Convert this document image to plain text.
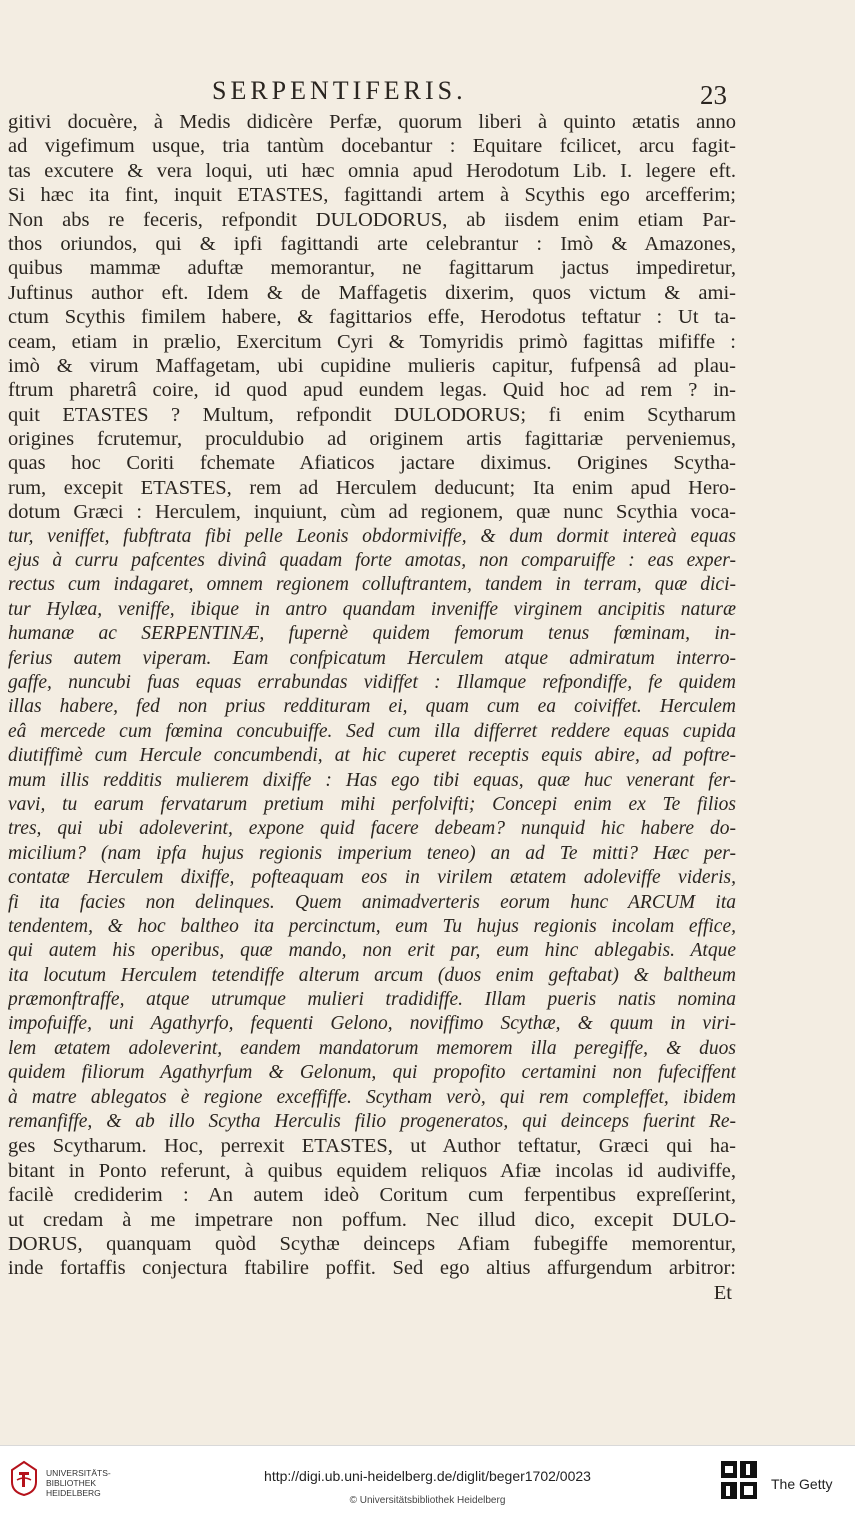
SERPENTIFERIS.	23
gitivi docuère, à Medis didicère Perfæ, quorum liberi à quinto ætatis anno
ad vigefimum usque, tria tantùm docebantur : Equitare fcilicet, arcu fagit-
tas excutere & vera loqui, uti hæc omnia apud Herodotum Lib. I. legere eft.
Si hæc ita fint, inquit ETASTES, fagittandi artem à Scythis ego arcefferim;
Non abs re feceris, refpondit DULODORUS, ab iisdem enim etiam Par-
thos oriundos, qui & ipfi fagittandi arte celebrantur : Imò & Amazones,
quibus mammæ aduftæ memorantur, ne fagittarum jactus impediretur,
Juftinus author eft. Idem & de Maffagetis dixerim, quos victum & ami-
ctum Scythis fimilem habere, & fagittarios effe, Herodotus teftatur : Ut ta-
ceam, etiam in prælio, Exercitum Cyri & Tomyridis primò fagittas mififfe :
imò & virum Maffagetam, ubi cupidine mulieris capitur, fufpensâ ad plau-
ftrum pharetrâ coire, id quod apud eundem legas. Quid hoc ad rem ? in-
quit ETASTES ? Multum, refpondit DULODORUS; fi enim Scytharum
origines fcrutemur, proculdubio ad originem artis fagittariæ perveniemus,
quas hoc Coriti fchemate Afiaticos jactare diximus. Origines Scytha-
rum, excepit ETASTES, rem ad Herculem deducunt; Ita enim apud Hero-
dotum Græci : Herculem, inquiunt, cùm ad regionem, quæ nunc Scythia voca-
tur, veniffet, fubftrata fibi pelle Leonis obdormiviffe, & dum dormit intereà equas
ejus à curru pafcentes divinâ quadam forte amotas, non comparuiffe : eas exper-
rectus cum indagaret, omnem regionem colluftrantem, tandem in terram, quæ dici-
tur Hylæa, veniffe, ibique in antro quandam inveniffe virginem ancipitis naturæ
humanæ ac SERPENTINÆ, fupernè quidem femorum tenus fœminam, in-
ferius autem viperam. Eam confpicatum Herculem atque admiratum interro-
gaffe, nuncubi fuas equas errabundas vidiffet : Illamque refpondiffe, fe quidem
illas habere, fed non prius reddituram ei, quam cum ea coiviffet. Herculem
eâ mercede cum fœmina concubuiffe. Sed cum illa differret reddere equas cupida
diutiffimè cum Hercule concumbendi, at hic cuperet receptis equis abire, ad poftre-
mum illis redditis mulierem dixiffe : Has ego tibi equas, quæ huc venerant fer-
vavi, tu earum fervatarum pretium mihi perfolvifti; Concepi enim ex Te filios
tres, qui ubi adoleverint, expone quid facere debeam? nunquid hic habere do-
micilium? (nam ipfa hujus regionis imperium teneo) an ad Te mitti? Hæc per-
contatæ Herculem dixiffe, pofteaquam eos in virilem ætatem adoleviffe videris,
fi ita facies non delinques. Quem animadverteris eorum hunc ARCUM ita
tendentem, & hoc baltheo ita percinctum, eum Tu hujus regionis incolam effice,
qui autem his operibus, quæ mando, non erit par, eum hinc ablegabis. Atque
ita locutum Herculem tetendiffe alterum arcum (duos enim geftabat) & baltheum
præmonftraffe, atque utrumque mulieri tradidiffe. Illam pueris natis nomina
impofuiffe, uni Agathyrfo, fequenti Gelono, noviffimo Scythæ, & quum in viri-
lem ætatem adoleverint, eandem mandatorum memorem illa peregiffe, & duos
quidem filiorum Agathyrfum & Gelonum, qui propofito certamini non fufeciffent
à matre ablegatos è regione exceffiffe. Scytham verò, qui rem compleffet, ibidem
remanfiffe, & ab illo Scytha Herculis filio progeneratos, qui deinceps fuerint Re-
ges Scytharum. Hoc, perrexit ETASTES, ut Author teftatur, Græci qui ha-
bitant in Ponto referunt, à quibus equidem reliquos Afiæ incolas id audiviffe,
facilè crediderim : An autem ideò Coritum cum ferpentibus expreſſerint,
ut credam à me impetrare non poffum. Nec illud dico, excepit DULO-
DORUS, quanquam quòd Scythæ deinceps Afiam fubegiffe memorentur,
inde fortaffis conjectura ftabilire poffit. Sed ego altius affurgendum arbitror:
Et
UNIVERSITÄTS-
BIBLIOTHEK
HEIDELBERG
http://digi.ub.uni-heidelberg.de/diglit/beger1702/0023
© Universitätsbibliothek Heidelberg
The Getty
